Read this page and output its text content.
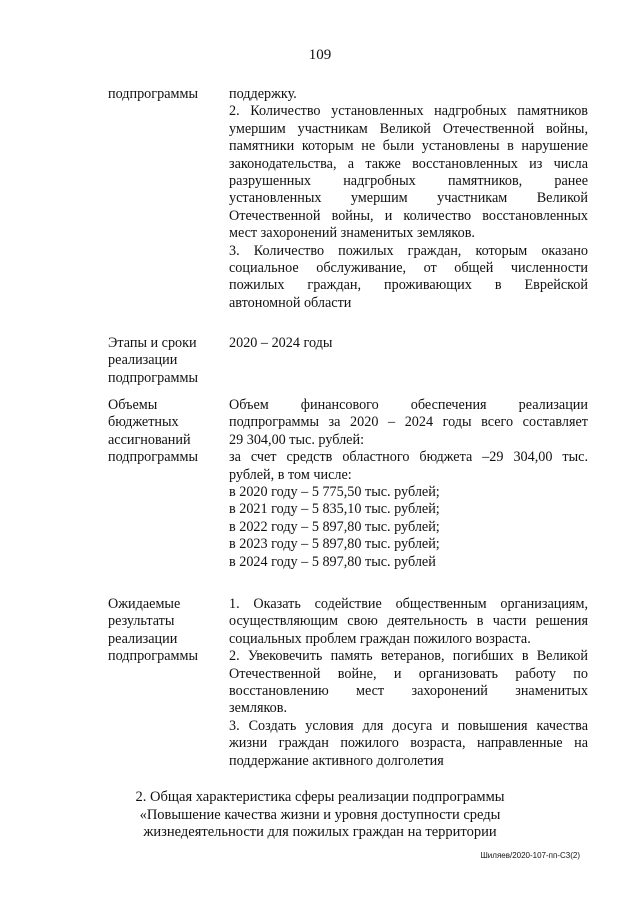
109
подпрограммы	поддержку.
2. Количество установленных надгробных памятников
умершим участникам Великой Отечественной войны,
памятники которым не были установлены в нарушение
законодательства, а также восстановленных из числа
разрушенных надгробных памятников, ранее
установленных умершим участникам Великой
Отечественной войны, и количество восстановленных
мест захоронений знаменитых земляков.
3. Количество пожилых граждан, которым оказано
социальное обслуживание, от общей численности
пожилых граждан, проживающих в Еврейской
автономной области
Этапы и сроки
реализации
подпрограммы
2020 – 2024 годы
Объемы
бюджетных
ассигнований
подпрограммы
Объем финансового обеспечения реализации
подпрограммы за 2020 – 2024 годы всего составляет
29 304,00 тыс. рублей:
за счет средств областного бюджета –29 304,00 тыс.
рублей, в том числе:
в 2020 году – 5 775,50 тыс. рублей;
в 2021 году – 5 835,10 тыс. рублей;
в 2022 году – 5 897,80 тыс. рублей;
в 2023 году – 5 897,80 тыс. рублей;
в 2024 году – 5 897,80 тыс. рублей
Ожидаемые
результаты
реализации
подпрограммы
1. Оказать содействие общественным организациям,
осуществляющим свою деятельность в части решения
социальных проблем граждан пожилого возраста.
2. Увековечить память ветеранов, погибших в Великой
Отечественной войне, и организовать работу по
восстановлению мест захоронений знаменитых
земляков.
3. Создать условия для досуга и повышения качества
жизни граждан пожилого возраста, направленные на
поддержание активного долголетия
2. Общая характеристика сферы реализации подпрограммы
«Повышение качества жизни и уровня доступности среды
жизнедеятельности для пожилых граждан на территории
Шиляев/2020-107-пп-С3(2)
